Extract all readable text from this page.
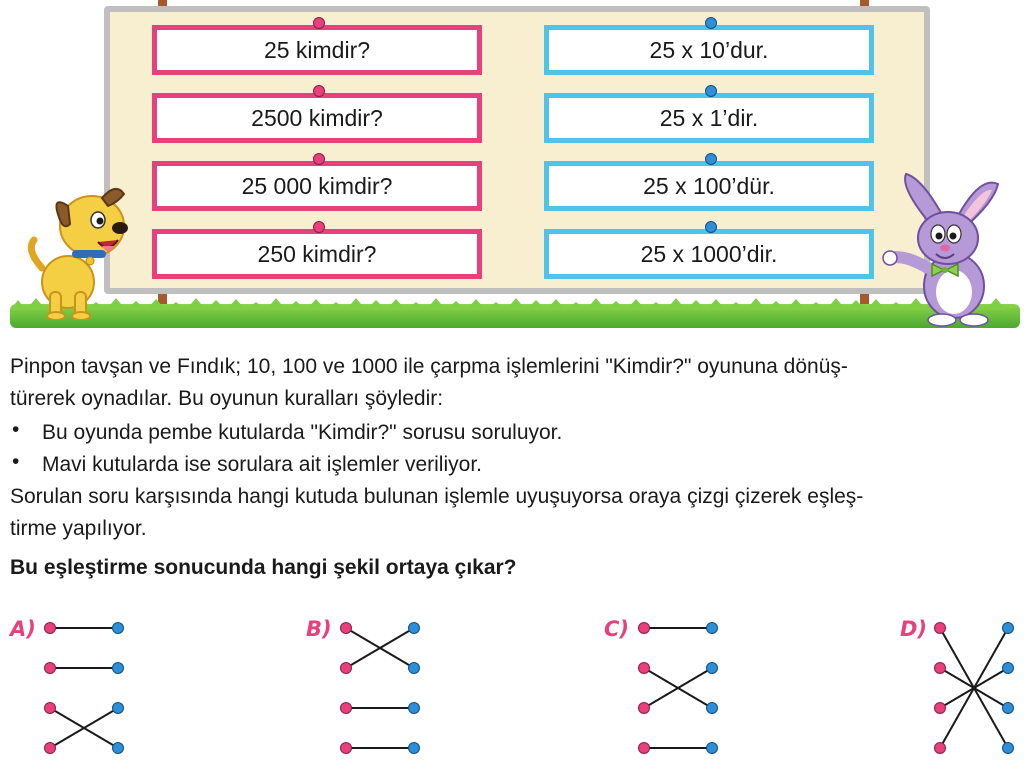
25 kimdir?
2500 kimdir?
25 000 kimdir?
250 kimdir?
25 x 10’dur.
25 x 1’dir.
25 x 100’dür.
25 x 1000’dir.
Pinpon tavşan ve Fındık; 10, 100 ve 1000 ile çarpma işlemlerini "Kimdir?" oyununa dönüş-
türerek oynadılar. Bu oyunun kuralları şöyledir:
• Bu oyunda pembe kutularda "Kimdir?" sorusu soruluyor.
• Mavi kutularda ise sorulara ait işlemler veriliyor.
Sorulan soru karşısında hangi kutuda bulunan işlemle uyuşuyorsa oraya çizgi çizerek eşleş-
tirme yapılıyor.
Bu eşleştirme sonucunda hangi şekil ortaya çıkar?
A)	B)	C)	D)
